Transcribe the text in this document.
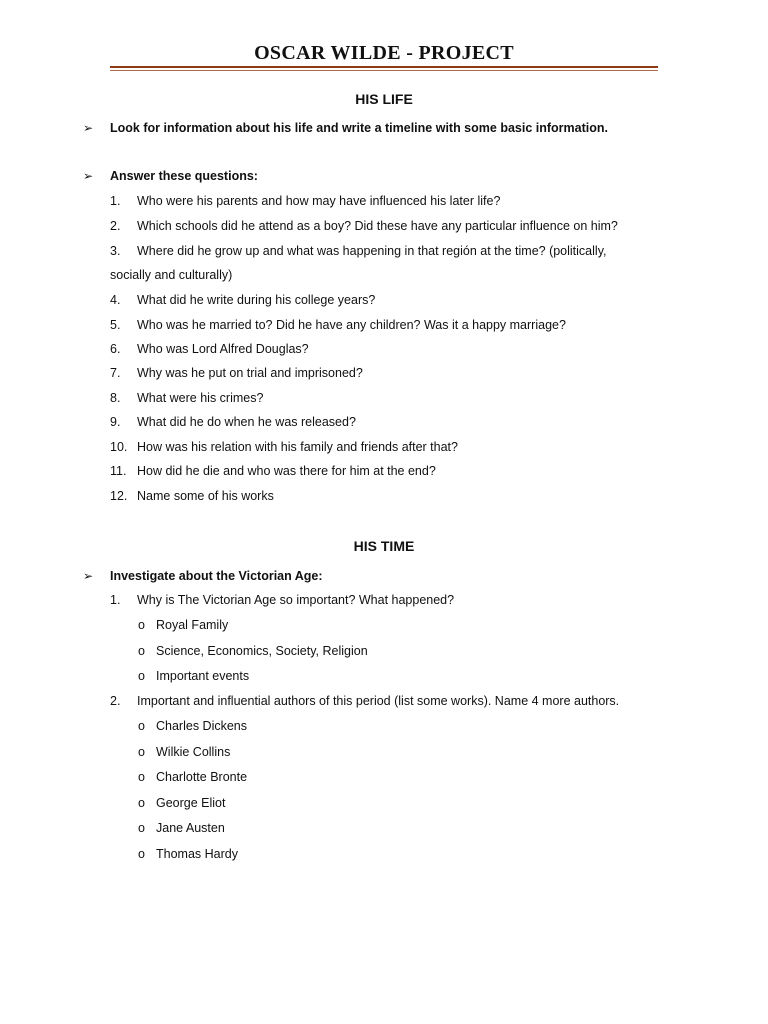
OSCAR WILDE - PROJECT
HIS LIFE
➢	Look for information about his life and write a timeline with some basic information.
➢	Answer these questions:
1.	Who were his parents and how may have influenced his later life?
2.	Which schools did he attend as a boy? Did these have any particular influence on him?
3.	Where did he grow up and what was happening in that región at the time? (politically,
socially and culturally)
4.	What did he write during his college years?
5.	Who was he married to? Did he have any children? Was it a happy marriage?
6.	Who was Lord Alfred Douglas?
7.	Why was he put on trial and imprisoned?
8.	What were his crimes?
9.	What did he do when he was released?
10. How was his relation with his family and friends after that?
11. How did he die and who was there for him at the end?
12. Name some of his works
HIS TIME
➢	Investigate about the Victorian Age:
1.	Why is The Victorian Age so important? What happened?
o Royal Family
o Science, Economics, Society, Religion
o Important events
2.	Important and influential authors of this period (list some works). Name 4 more authors.
o Charles Dickens
o Wilkie Collins
o Charlotte Bronte
o George Eliot
o Jane Austen
o Thomas Hardy
